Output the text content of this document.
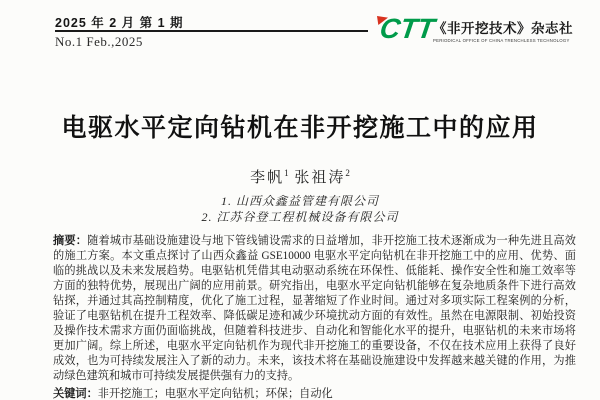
2025 年 2 月 第 1 期
No.1 Feb.,2025	CTT
《非开挖技术》杂志社
PERIODICAL OFFICE OF CHINA TRENCHLESS TECHNOLOGY
电驱水平定向钻机在非开挖施工中的应用
李帆$^1$ 张祖涛$^2$
1. 山西众鑫益管建有限公司
2. 江苏谷登工程机械设备有限公司

摘要：随着城市基础设施建设与地下管线铺设需求的日益增加，非开挖施工技术逐渐成为一种先进且高效的施工方案。本文重点探讨了山西众鑫益 GSE10000 电驱水平定向钻机在非开挖施工中的应用、优势、面临的挑战以及未来发展趋势。电驱钻机凭借其电动驱动系统在环保性、低能耗、操作安全性和施工效率等方面的独特优势，展现出广阔的应用前景。研究指出，电驱水平定向钻机能够在复杂地质条件下进行高效钻探，并通过其高控制精度，优化了施工过程，显著缩短了作业时间。通过对多项实际工程案例的分析，验证了电驱钻机在提升工程效率、降低碳足迹和减少环境扰动方面的有效性。虽然在电源限制、初始投资及操作技术需求方面仍面临挑战，但随着科技进步、自动化和智能化水平的提升，电驱钻机的未来市场将更加广阔。综上所述，电驱水平定向钻机作为现代非开挖施工的重要设备，不仅在技术应用上获得了良好成效，也为可持续发展注入了新的动力。未来，该技术将在基础设施建设中发挥越来越关键的作用，为推动绿色建筑和城市可持续发展提供强有力的支持。

关键词：非开挖施工；电驱水平定向钻机；环保；自动化
